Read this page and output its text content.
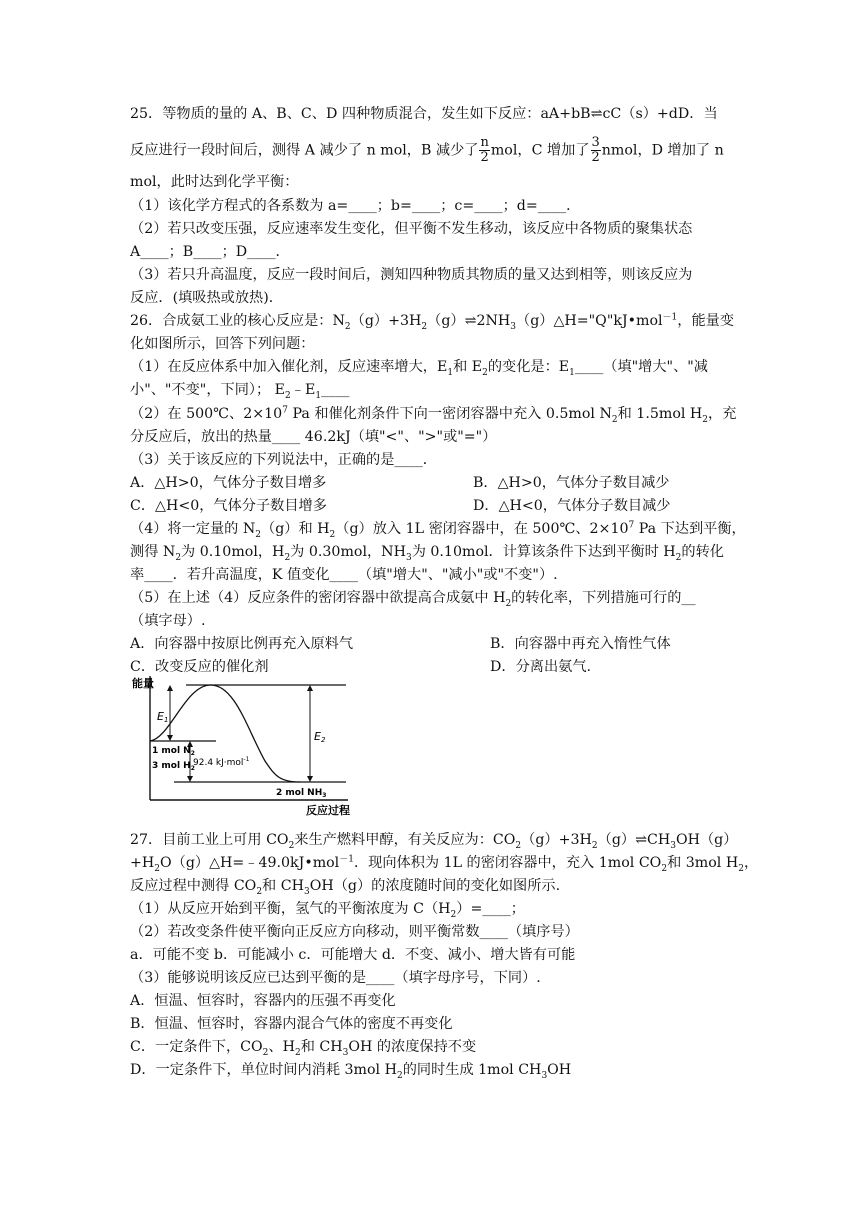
25．等物质的量的 A、B、C、D 四种物质混合，发生如下反应：aA+bB⇌cC（s）+dD．当
反应进行一段时间后，测得 A 减少了 n mol，B 减少了 $\frac{n}{2}$ mol，C 增加了 $\frac{3}{2}$ nmol，D 增加了 n
mol，此时达到化学平衡：
（1）该化学方程式的各系数为 a=____；b=____；c=____；d=____．
（2）若只改变压强，反应速率发生变化，但平衡不发生移动，该反应中各物质的聚集状态
A____；B____；D____．
（3）若只升高温度，反应一段时间后，测知四种物质其物质的量又达到相等，则该反应为
反应．(填吸热或放热)．
26．合成氨工业的核心反应是：$N_2(g)+3H_2(g)\rightleftharpoons 2NH_3(g)\triangle H="Q"kJ•mol^{-1}$，能量变
化如图所示，回答下列问题：
（1）在反应体系中加入催化剂，反应速率增大，$E_1$和 $E_2$的变化是：$E_1\_\_\_\_$（填"增大"、"减
小"、"不变"，下同）； $E_2﹣E_1\_\_\_\_$
（2）在 500℃、$2\times 10^7$ Pa 和催化剂条件下向一密闭容器中充入 0.5mol $N_2$和 1.5mol $H_2$，充
分反应后，放出的热量____ 46.2kJ（填"<"、">"或"="）
（3）关于该反应的下列说法中，正确的是____．
A．△H>0，气体分子数目增多	B．△H>0，气体分子数目减少
C．△H<0，气体分子数目增多	D．△H<0，气体分子数目减少
（4）将一定量的 $N_2(g)$和 $H_2(g)$放入 1L 密闭容器中，在 500℃、$2\times 10^7$ Pa 下达到平衡，
测得 $N_2$为 0.10mol，$H_2$为 0.30mol，$NH_3$为 0.10mol．计算该条件下达到平衡时 $H_2$的转化
率____．若升高温度，K 值变化____（填"增大"、"减小"或"不变"）.
（5）在上述（4）反应条件的密闭容器中欲提高合成氨中 $H_2$的转化率，下列措施可行的__
（填字母）.
A．向容器中按原比例再充入原料气	B．向容器中再充入惰性气体
C．改变反应的催化剂	D．分离出氨气.
能量
E1
E2
92.4 kJ·mol$^{-1}$
1 mol $N_2$
3 mol $H_2$
2 mol $NH_3$
反应过程
27．目前工业上可用 $CO_2$来生产燃料甲醇，有关反应为：$CO_2(g)+3H_2(g)\rightleftharpoons CH_3OH(g)$
$+H_2O(g)\triangle H=﹣49.0kJ•mol^{-1}$．现向体积为 1L 的密闭容器中，充入 1mol $CO_2$和 3mol $H_2$，
反应过程中测得 $CO_2$和 $CH_3OH(g)$的浓度随时间的变化如图所示.
（1）从反应开始到平衡，氢气的平衡浓度为 $C(H_2)=\_\_\_\_$；
（2）若改变条件使平衡向正反应方向移动，则平衡常数____（填序号）
a．可能不变 b．可能减小 c．可能增大 d．不变、减小、增大皆有可能
（3）能够说明该反应已达到平衡的是____（填字母序号，下同）.
A．恒温、恒容时，容器内的压强不再变化
B．恒温、恒容时，容器内混合气体的密度不再变化
C．一定条件下，$CO_2$、$H_2$和 $CH_3OH$ 的浓度保持不变
D．一定条件下，单位时间内消耗 3mol $H_2$的同时生成 1mol $CH_3OH$
